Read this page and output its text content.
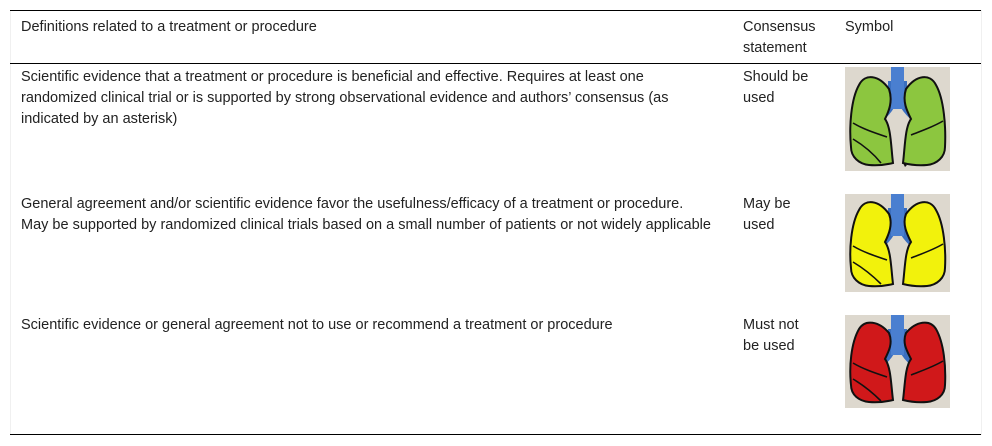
Definitions related to a treatment or procedure	Consensus statement
Symbol
Scientific evidence that a treatment or procedure is beneficial and effective. Requires at least one randomized clinical trial or is supported by strong observational evidence and authors’ consensus (as indicated by an asterisk)
Should be used
General agreement and/or scientific evidence favor the usefulness/efficacy of a treatment or procedure. May be supported by randomized clinical trials based on a small number of patients or not widely applicable
May be used
Scientific evidence or general agreement not to use or recommend a treatment or procedure	Must not be used
